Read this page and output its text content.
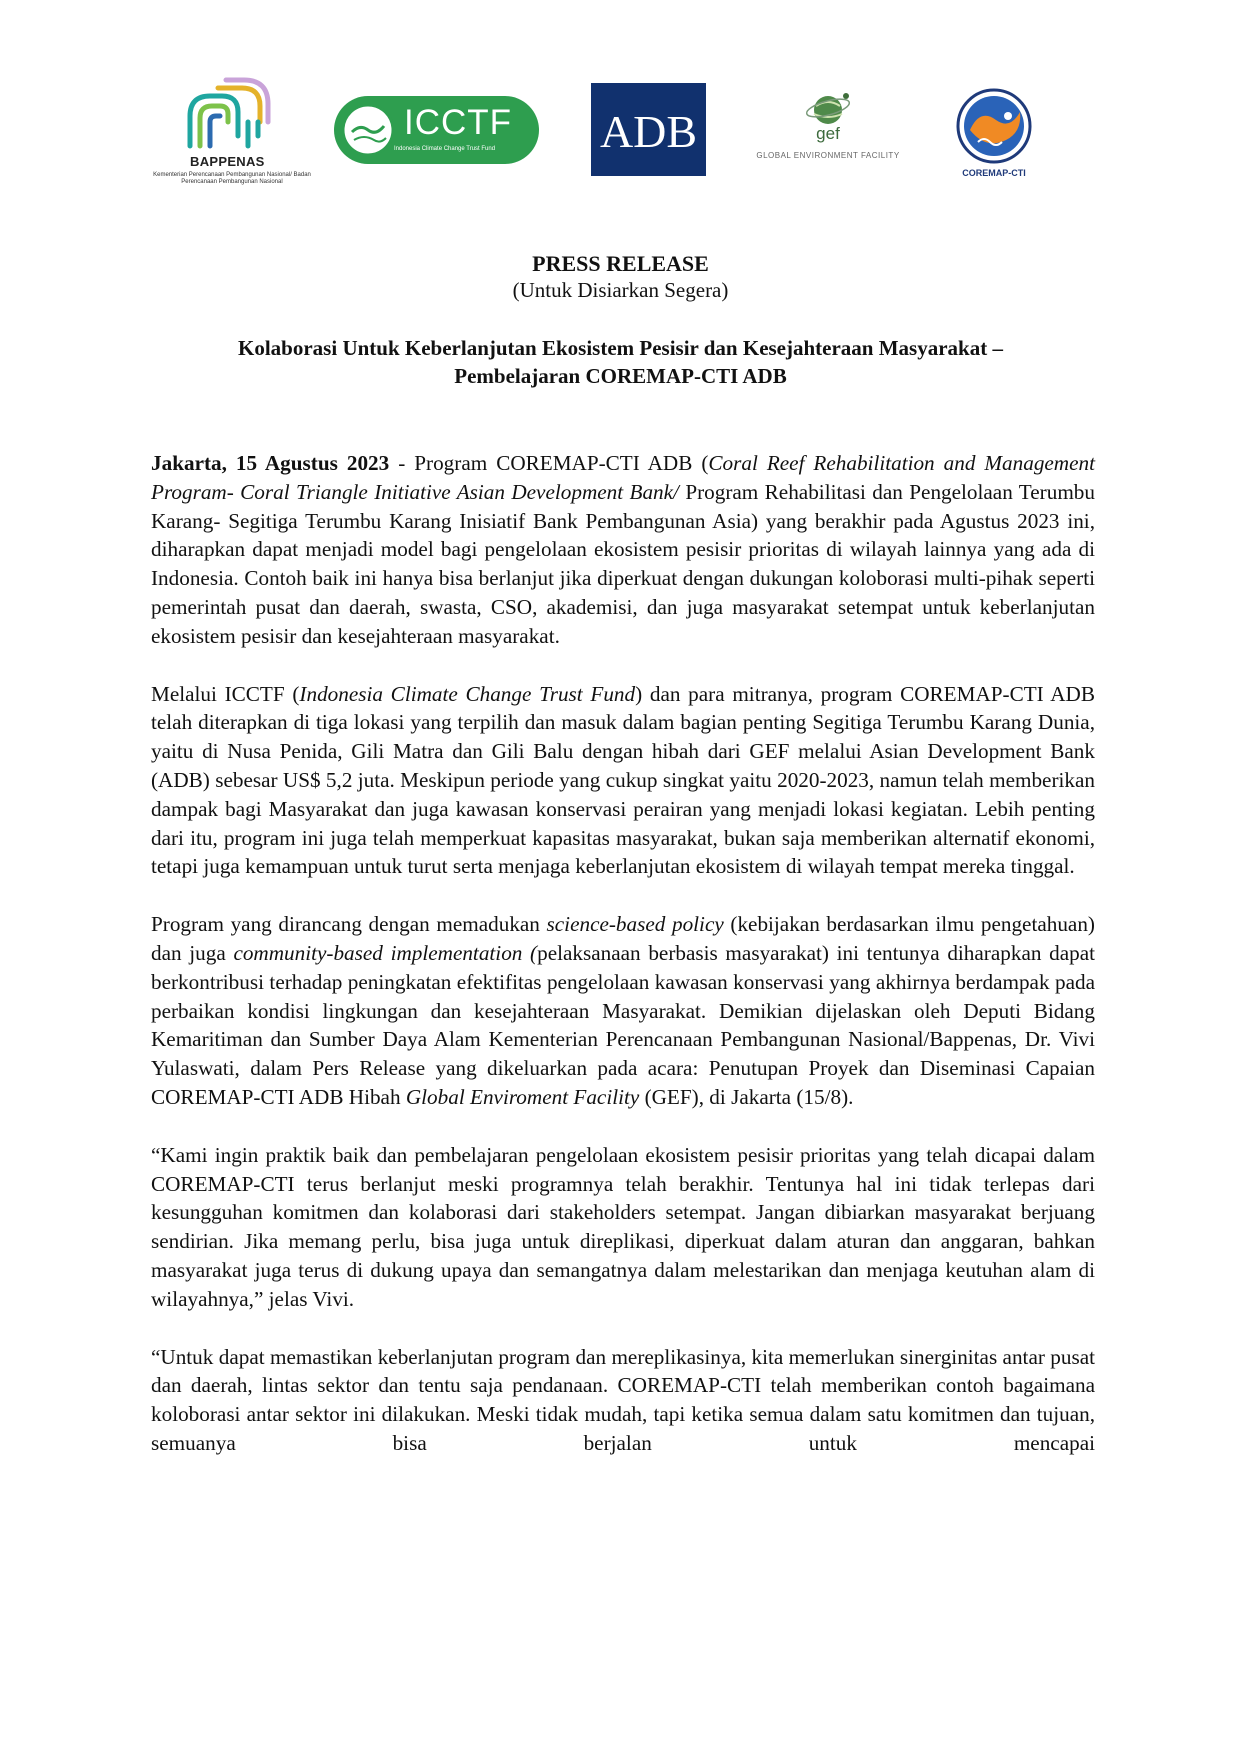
BAPPENAS
Kementerian Perencanaan Pembangunan Nasional/ Badan Perencanaan Pembangunan Nasional
ICCTF
Indonesia Climate Change Trust Fund ADB	gef
GLOBAL ENVIRONMENT FACILITY
COREMAP-CTI
PRESS RELEASE
(Untuk Disiarkan Segera)
Kolaborasi Untuk Keberlanjutan Ekosistem Pesisir dan Kesejahteraan Masyarakat –
Pembelajaran COREMAP-CTI ADB

Jakarta, 15 Agustus 2023 - Program COREMAP-CTI ADB (Coral Reef Rehabilitation and Management Program- Coral Triangle Initiative Asian Development Bank/ Program Rehabilitasi dan Pengelolaan Terumbu Karang- Segitiga Terumbu Karang Inisiatif Bank Pembangunan Asia) yang berakhir pada Agustus 2023 ini, diharapkan dapat menjadi model bagi pengelolaan ekosistem pesisir prioritas di wilayah lainnya yang ada di Indonesia. Contoh baik ini hanya bisa berlanjut jika diperkuat dengan dukungan koloborasi multi-pihak seperti pemerintah pusat dan daerah, swasta, CSO, akademisi, dan juga masyarakat setempat untuk keberlanjutan ekosistem pesisir dan kesejahteraan masyarakat.

Melalui ICCTF (Indonesia Climate Change Trust Fund) dan para mitranya, program COREMAP-CTI ADB telah diterapkan di tiga lokasi yang terpilih dan masuk dalam bagian penting Segitiga Terumbu Karang Dunia, yaitu di Nusa Penida, Gili Matra dan Gili Balu dengan hibah dari GEF melalui Asian Development Bank (ADB) sebesar US$ 5,2 juta. Meskipun periode yang cukup singkat yaitu 2020-2023, namun telah memberikan dampak bagi Masyarakat dan juga kawasan konservasi perairan yang menjadi lokasi kegiatan. Lebih penting dari itu, program ini juga telah memperkuat kapasitas masyarakat, bukan saja memberikan alternatif ekonomi, tetapi juga kemampuan untuk turut serta menjaga keberlanjutan ekosistem di wilayah tempat mereka tinggal.

Program yang dirancang dengan memadukan science-based policy (kebijakan berdasarkan ilmu pengetahuan) dan juga community-based implementation (pelaksanaan berbasis masyarakat) ini tentunya diharapkan dapat berkontribusi terhadap peningkatan efektifitas pengelolaan kawasan konservasi yang akhirnya berdampak pada perbaikan kondisi lingkungan dan kesejahteraan Masyarakat. Demikian dijelaskan oleh Deputi Bidang Kemaritiman dan Sumber Daya Alam Kementerian Perencanaan Pembangunan Nasional/Bappenas, Dr. Vivi Yulaswati, dalam Pers Release yang dikeluarkan pada acara: Penutupan Proyek dan Diseminasi Capaian COREMAP-CTI ADB Hibah Global Enviroment Facility (GEF), di Jakarta (15/8).

“Kami ingin praktik baik dan pembelajaran pengelolaan ekosistem pesisir prioritas yang telah dicapai dalam COREMAP-CTI terus berlanjut meski programnya telah berakhir. Tentunya hal ini tidak terlepas dari kesungguhan komitmen dan kolaborasi dari stakeholders setempat. Jangan dibiarkan masyarakat berjuang sendirian. Jika memang perlu, bisa juga untuk direplikasi, diperkuat dalam aturan dan anggaran, bahkan masyarakat juga terus di dukung upaya dan semangatnya dalam melestarikan dan menjaga keutuhan alam di wilayahnya,” jelas Vivi.

“Untuk dapat memastikan keberlanjutan program dan mereplikasinya, kita memerlukan sinerginitas antar pusat dan daerah, lintas sektor dan tentu saja pendanaan. COREMAP-CTI telah memberikan contoh bagaimana koloborasi antar sektor ini dilakukan. Meski tidak mudah, tapi ketika semua dalam satu komitmen dan tujuan, semuanya bisa berjalan untuk mencapai
